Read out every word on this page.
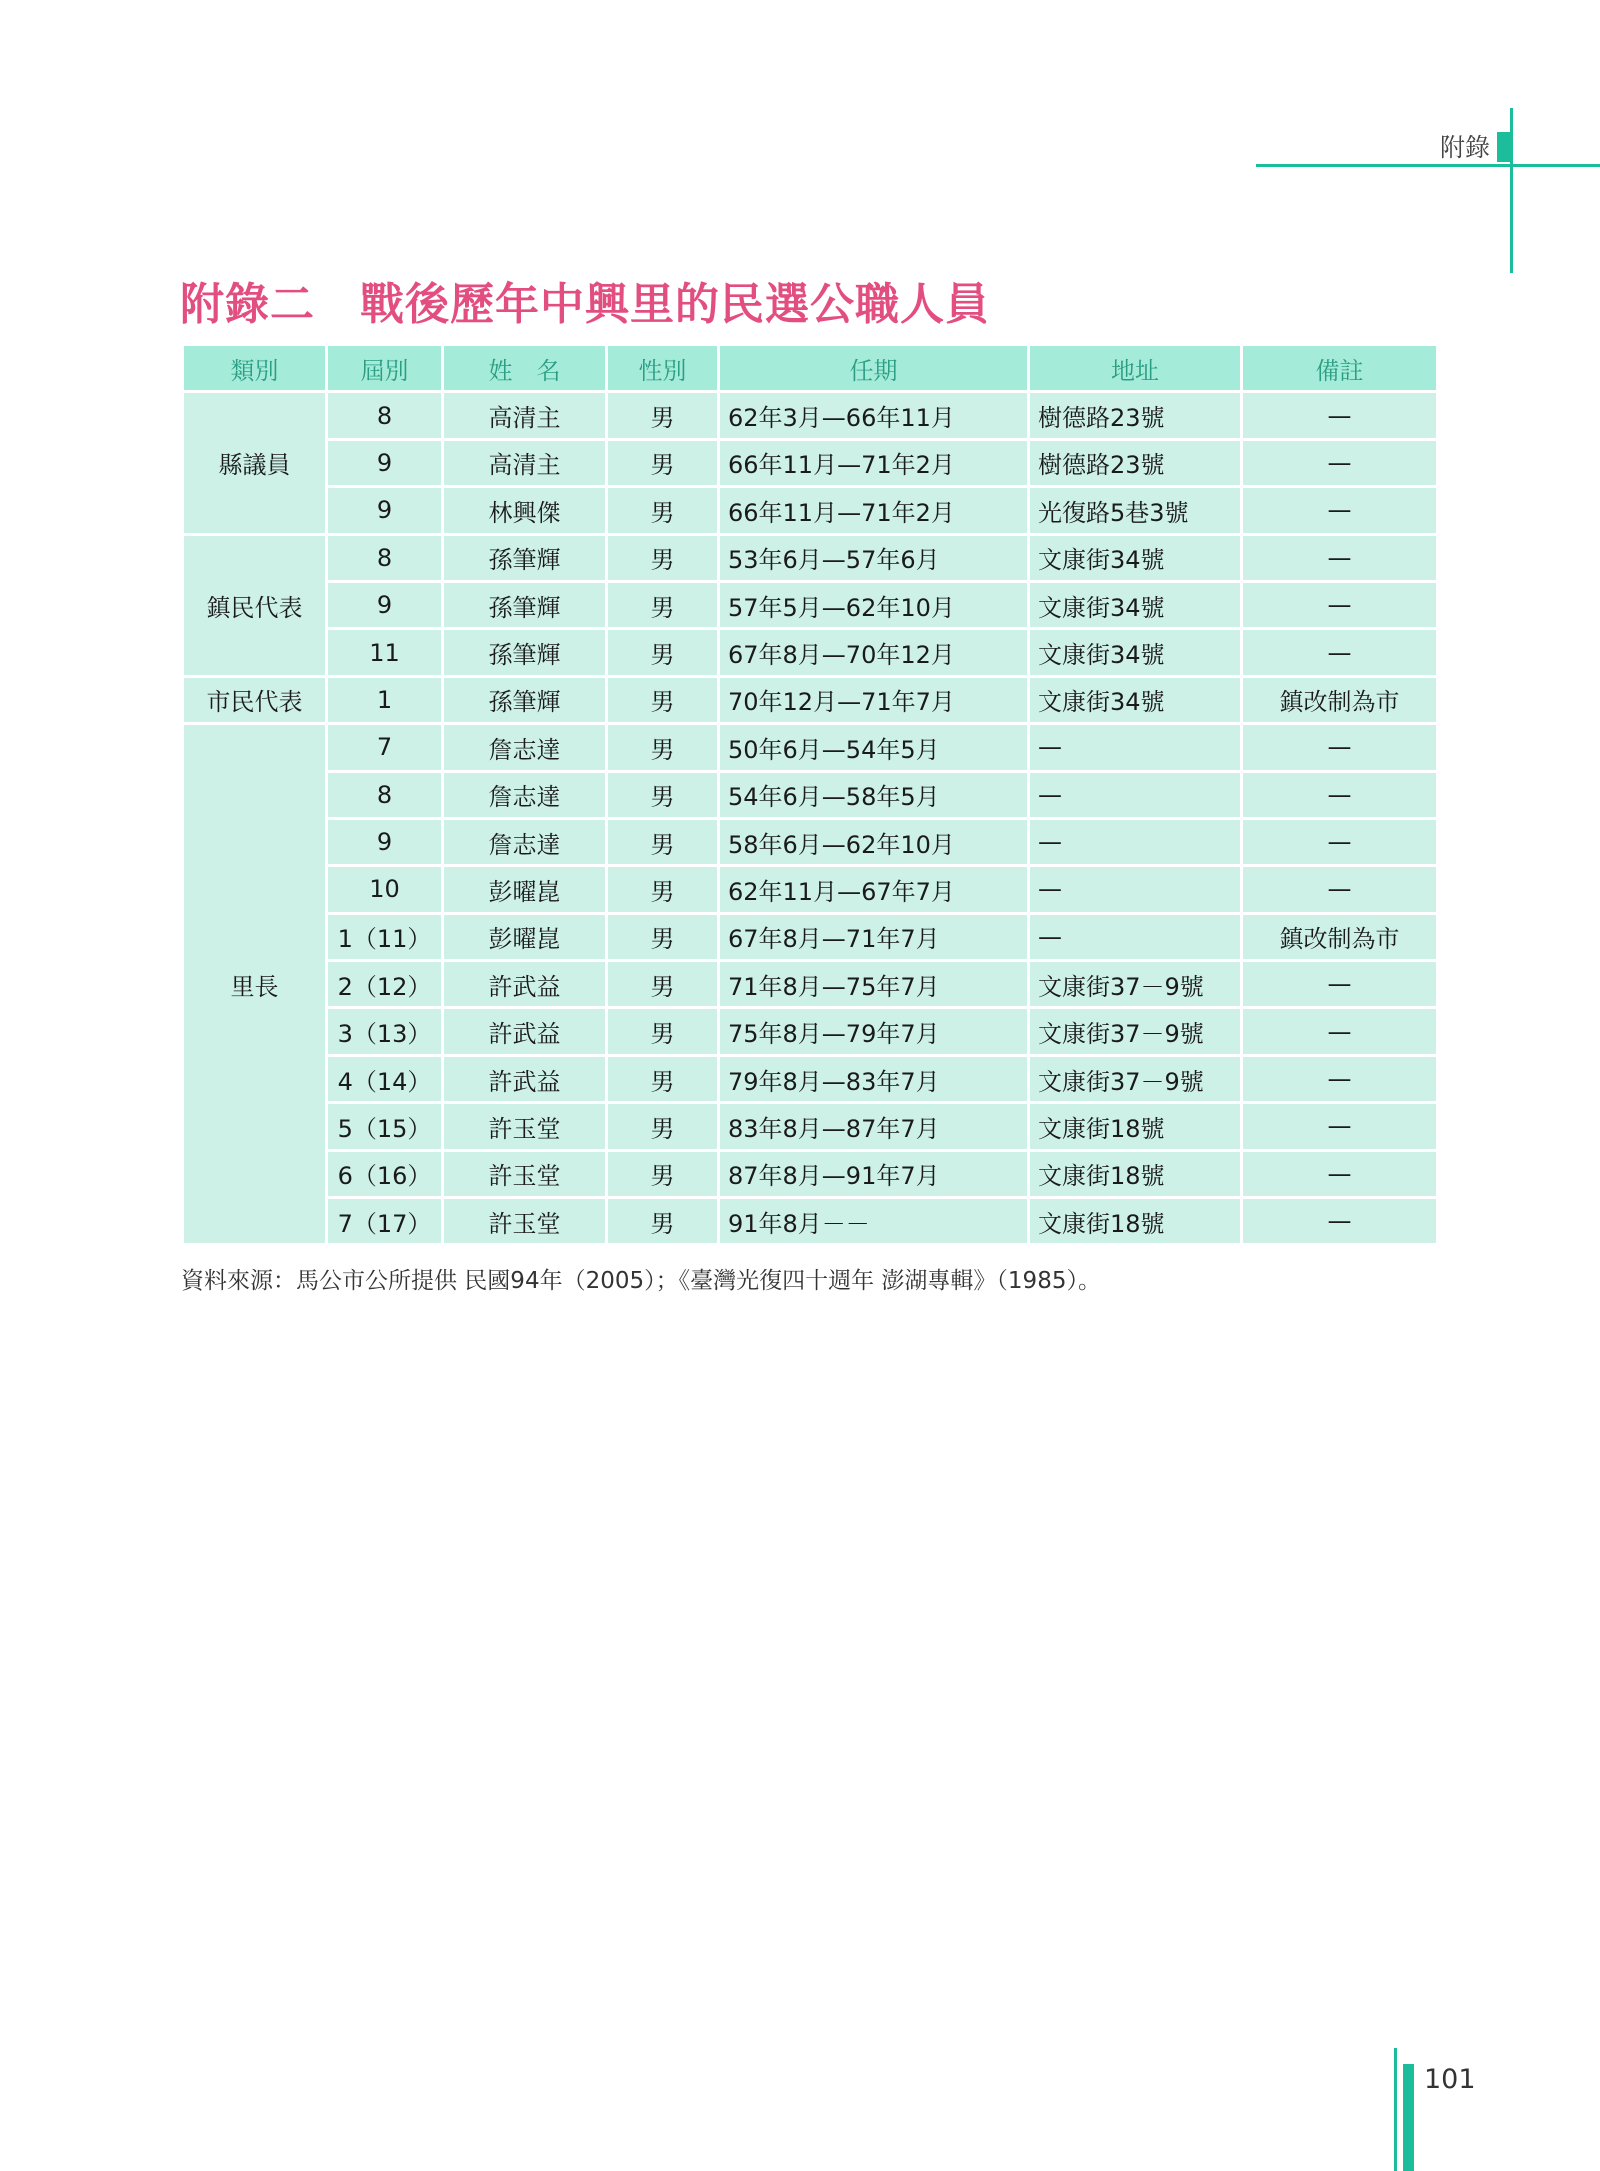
附錄
附錄二　戰後歷年中興里的民選公職人員
類別	屆別	姓　名	性別	任期	地址	備註
縣議員	8	高清主	男	62年3月—66年11月	樹德路23號	—
	9	高清主	男	66年11月—71年2月	樹德路23號	—
	9	林興傑	男	66年11月—71年2月	光復路5巷3號	—
鎮民代表	8	孫筆輝	男	53年6月—57年6月	文康街34號	—
	9	孫筆輝	男	57年5月—62年10月	文康街34號	—
	11	孫筆輝	男	67年8月—70年12月	文康街34號	—
市民代表	1	孫筆輝	男	70年12月—71年7月	文康街34號	鎮改制為市
里長	7	詹志達	男	50年6月—54年5月	—	—
	8	詹志達	男	54年6月—58年5月	—	—
	9	詹志達	男	58年6月—62年10月	—	—
	10	彭曜崑	男	62年11月—67年7月	—	—
	1（11）	彭曜崑	男	67年8月—71年7月	—	鎮改制為市
	2（12）	許武益	男	71年8月—75年7月	文康街37－9號	—
	3（13）	許武益	男	75年8月—79年7月	文康街37－9號	—
	4（14）	許武益	男	79年8月—83年7月	文康街37－9號	—
	5（15）	許玉堂	男	83年8月—87年7月	文康街18號	—
	6（16）	許玉堂	男	87年8月—91年7月	文康街18號	—
	7（17）	許玉堂	男	91年8月－－	文康街18號	—

資料來源：馬公市公所提供 民國94年（2005）；《臺灣光復四十週年 澎湖專輯》（1985）。

101
